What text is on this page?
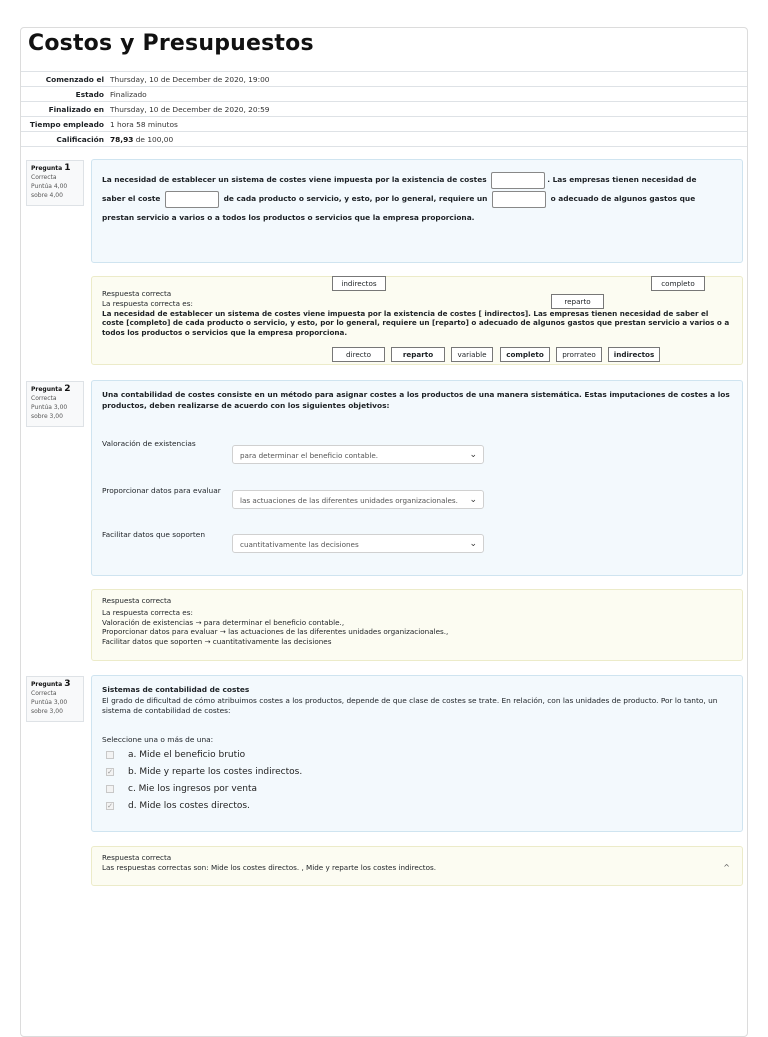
Costos y Presupuestos
Comenzado el Thursday, 10 de December de 2020, 19:00
Estado Finalizado
Finalizado en Thursday, 10 de December de 2020, 20:59
Tiempo empleado 1 hora 58 minutos
Calificación 78,93 de 100,00
Pregunta 1
Correcta
Puntúa 4,00
sobre 4,00
La necesidad de establecer un sistema de costes viene impuesta por la existencia de costes	. Las empresas tienen necesidad de
saber el coste	de cada producto o servicio, y esto, por lo general, requiere un	o adecuado de algunos gastos que
prestan servicio a varios o a todos los productos o servicios que la empresa proporciona.
Respuesta correcta
La respuesta correcta es:
La necesidad de establecer un sistema de costes viene impuesta por la existencia de costes [ indirectos]. Las empresas tienen necesidad de saber el coste [completo] de cada producto o servicio, y esto, por lo general, requiere un [reparto] o adecuado de algunos gastos que prestan servicio a varios o a todos los productos o servicios que la empresa proporciona.
indirectos	completo
reparto
directo	reparto	variable	completo	prorrateo	indirectos
Pregunta 2
Correcta
Puntúa 3,00
sobre 3,00
Una contabilidad de costes consiste en un método para asignar costes a los productos de una manera sistemática. Estas imputaciones de costes a los productos, deben realizarse de acuerdo con los siguientes objetivos:
Valoración de existencias
para determinar el beneficio contable.	⌄
Proporcionar datos para evaluar
las actuaciones de las diferentes unidades organizacionales. ⌄
Facilitar datos que soporten
cuantitativamente las decisiones	⌄
Respuesta correcta
La respuesta correcta es:
Valoración de existencias → para determinar el beneficio contable.,
Proporcionar datos para evaluar → las actuaciones de las diferentes unidades organizacionales.,
Facilitar datos que soporten → cuantitativamente las decisiones
Pregunta 3
Correcta
Puntúa 3,00
sobre 3,00
Sistemas de contabilidad de costes
El grado de dificultad de cómo atribuimos costes a los productos, depende de que clase de costes se trate. En relación, con las unidades de producto. Por lo tanto, un sistema de contabilidad de costes:
Seleccione una o más de una:
a. Mide el beneficio brutio
✓ b. Mide y reparte los costes indirectos.
c. Mie los ingresos por venta
✓ d. Mide los costes directos.
Respuesta correcta
Las respuestas correctas son: Mide los costes directos. , Mide y reparte los costes indirectos.	^
